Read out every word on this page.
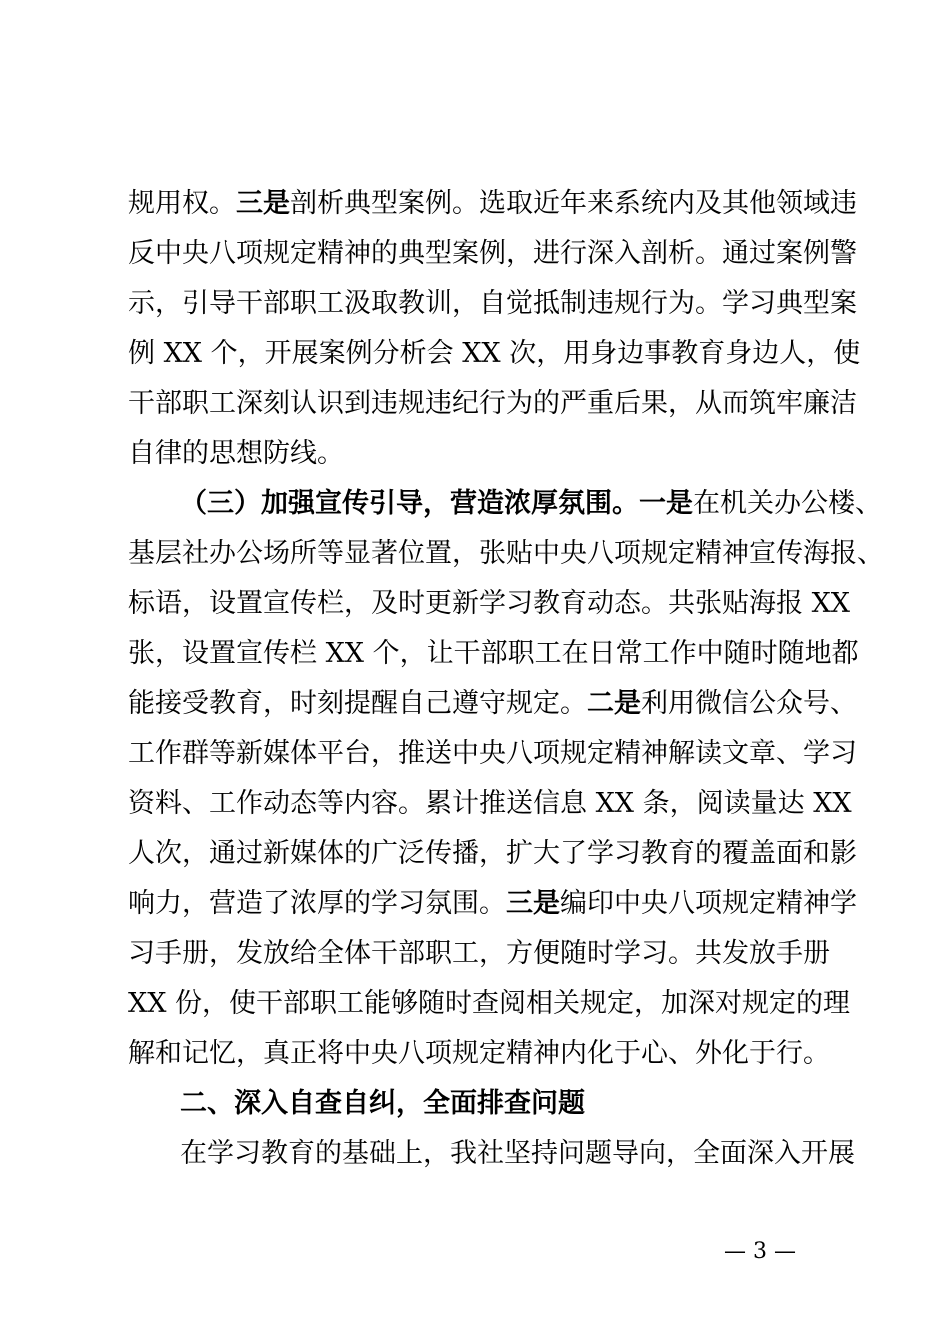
规用权。三是剖析典型案例。选取近年来系统内及其他领域违
反中央八项规定精神的典型案例，进行深入剖析。通过案例警
示，引导干部职工汲取教训，自觉抵制违规行为。学习典型案
例 XX 个，开展案例分析会 XX 次，用身边事教育身边人，使
干部职工深刻认识到违规违纪行为的严重后果，从而筑牢廉洁
自律的思想防线。
（三）加强宣传引导，营造浓厚氛围。一是在机关办公楼、
基层社办公场所等显著位置，张贴中央八项规定精神宣传海报、
标语，设置宣传栏，及时更新学习教育动态。共张贴海报 XX
张，设置宣传栏 XX 个，让干部职工在日常工作中随时随地都
能接受教育，时刻提醒自己遵守规定。二是利用微信公众号、
工作群等新媒体平台，推送中央八项规定精神解读文章、学习
资料、工作动态等内容。累计推送信息 XX 条，阅读量达 XX
人次，通过新媒体的广泛传播，扩大了学习教育的覆盖面和影
响力，营造了浓厚的学习氛围。三是编印中央八项规定精神学
习手册，发放给全体干部职工，方便随时学习。共发放手册
XX 份，使干部职工能够随时查阅相关规定，加深对规定的理
解和记忆，真正将中央八项规定精神内化于心、外化于行。
二、深入自查自纠，全面排查问题
在学习教育的基础上，我社坚持问题导向，全面深入开展
— 3 —
